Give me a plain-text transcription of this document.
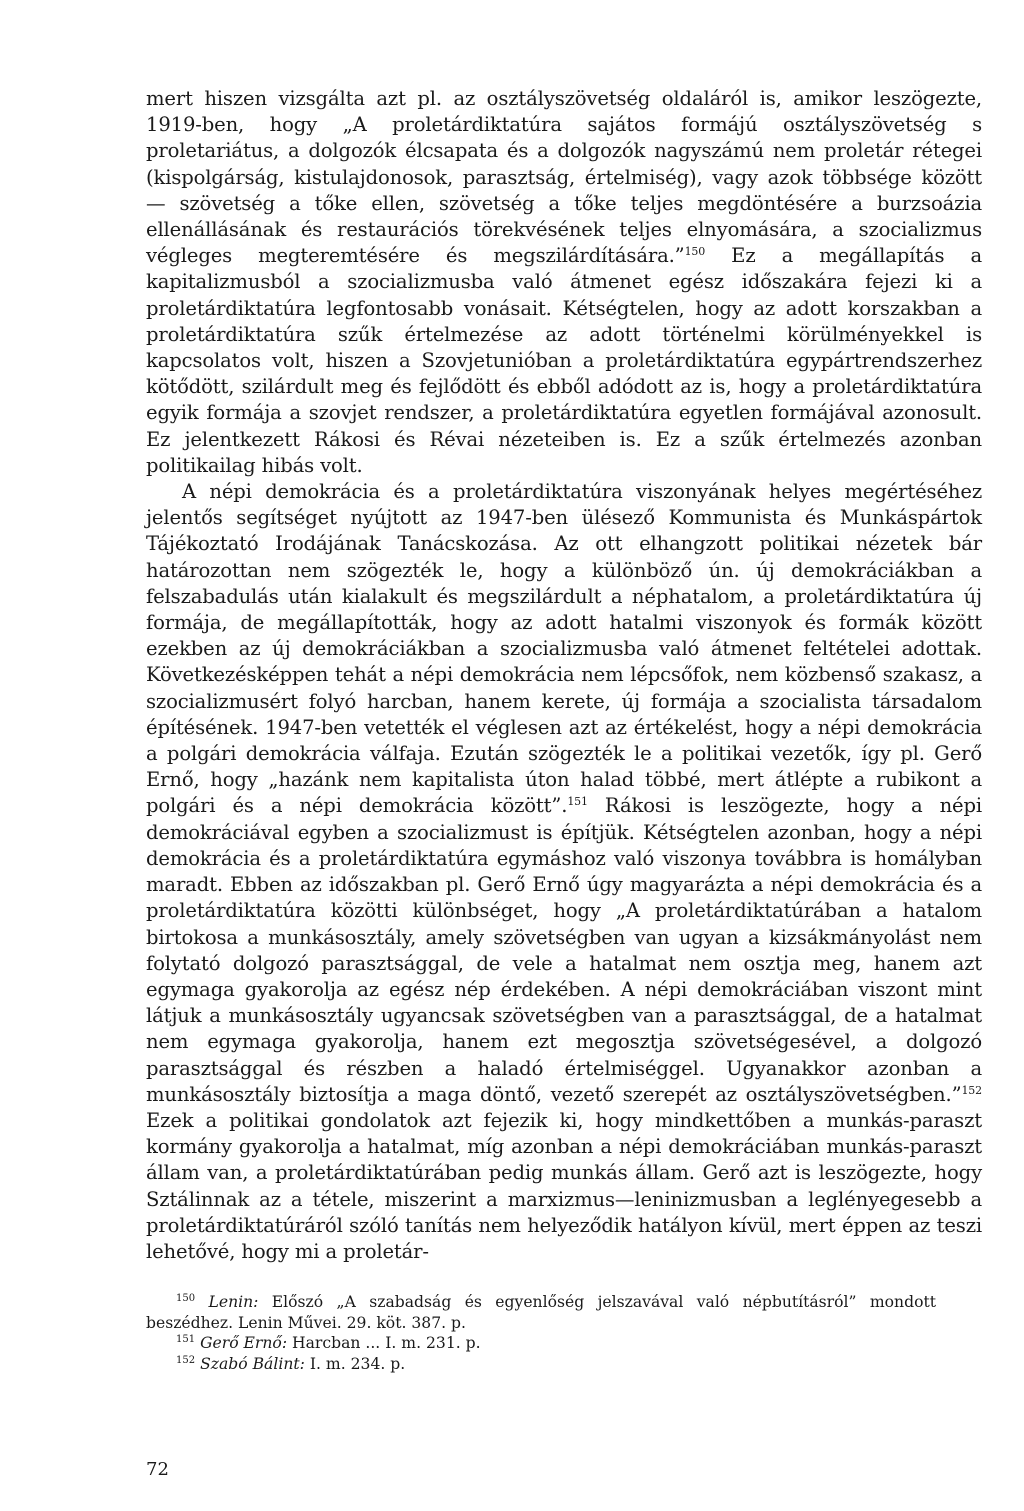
mert hiszen vizsgálta azt pl. az osztályszövetség oldaláról is, amikor leszögezte, 1919-ben, hogy „A proletárdiktatúra sajátos formájú osztályszövetség s proletariátus, a dolgozók élcsapata és a dolgozók nagyszámú nem proletár rétegei (kispolgárság, kistulajdonosok, parasztság, értelmiség), vagy azok többsége között — szövetség a tőke ellen, szövetség a tőke teljes megdöntésére a burzsoázia ellenállásának és restaurációs törekvésének teljes elnyomására, a szocializmus végleges megteremtésére és megszilárdítására.”$^{150}$ Ez a megállapítás a kapitalizmusból a szocializmusba való átmenet egész időszakára fejezi ki a proletárdiktatúra legfontosabb vonásait. Kétségtelen, hogy az adott korszakban a proletárdiktatúra szűk értelmezése az adott történelmi körülményekkel is kapcsolatos volt, hiszen a Szovjetunióban a proletárdiktatúra egypártrendszerhez kötődött, szilárdult meg és fejlődött és ebből adódott az is, hogy a proletárdiktatúra egyik formája a szovjet rendszer, a proletárdiktatúra egyetlen formájával azonosult. Ez jelentkezett Rákosi és Révai nézeteiben is. Ez a szűk értelmezés azonban politikailag hibás volt.

A népi demokrácia és a proletárdiktatúra viszonyának helyes megértéséhez jelentős segítséget nyújtott az 1947-ben ülésező Kommunista és Munkáspártok Tájékoztató Irodájának Tanácskozása. Az ott elhangzott politikai nézetek bár határozottan nem szögezték le, hogy a különböző ún. új demokráciákban a felszabadulás után kialakult és megszilárdult a néphatalom, a proletárdiktatúra új formája, de megállapították, hogy az adott hatalmi viszonyok és formák között ezekben az új demokráciákban a szocializmusba való átmenet feltételei adottak. Következésképpen tehát a népi demokrácia nem lépcsőfok, nem közbenső szakasz, a szocializmusért folyó harcban, hanem kerete, új formája a szocialista társadalom építésének. 1947-ben vetették el véglesen azt az értékelést, hogy a népi demokrácia a polgári demokrácia válfaja. Ezután szögezték le a politikai vezetők, így pl. Gerő Ernő, hogy „hazánk nem kapitalista úton halad többé, mert átlépte a rubikont a polgári és a népi demokrácia között”.$^{151}$ Rákosi is leszögezte, hogy a népi demokráciával egyben a szocializmust is építjük. Kétségtelen azonban, hogy a népi demokrácia és a proletárdiktatúra egymáshoz való viszonya továbbra is homályban maradt. Ebben az időszakban pl. Gerő Ernő úgy magyarázta a népi demokrácia és a proletárdiktatúra közötti különbséget, hogy „A proletárdiktatúrában a hatalom birtokosa a munkásosztály, amely szövetségben van ugyan a kizsákmányolást nem folytató dolgozó parasztsággal, de vele a hatalmat nem osztja meg, hanem azt egymaga gyakorolja az egész nép érdekében. A népi demokráciában viszont mint látjuk a munkásosztály ugyancsak szövetségben van a parasztsággal, de a hatalmat nem egymaga gyakorolja, hanem ezt megosztja szövetségesével, a dolgozó parasztsággal és részben a haladó értelmiséggel. Ugyanakkor azonban a munkásosztály biztosítja a maga döntő, vezető szerepét az osztályszövetségben.”$^{152}$ Ezek a politikai gondolatok azt fejezik ki, hogy mindkettőben a munkás-paraszt kormány gyakorolja a hatalmat, míg azonban a népi demokráciában munkás-paraszt állam van, a proletárdiktatúrában pedig munkás állam. Gerő azt is leszögezte, hogy Sztálinnak az a tétele, miszerint a marxizmus—leninizmusban a leglényegesebb a proletárdiktatúráról szóló tanítás nem helyeződik hatályon kívül, mert éppen az teszi lehetővé, hogy mi a proletár-

$^{150}$ Lenin: Előszó „A szabadság és egyenlőség jelszavával való népbutításról” mondott beszédhez. Lenin Művei. 29. köt. 387. p.

$^{151}$ Gerő Ernő: Harcban ... I. m. 231. p.

$^{152}$ Szabó Bálint: I. m. 234. p.

72
